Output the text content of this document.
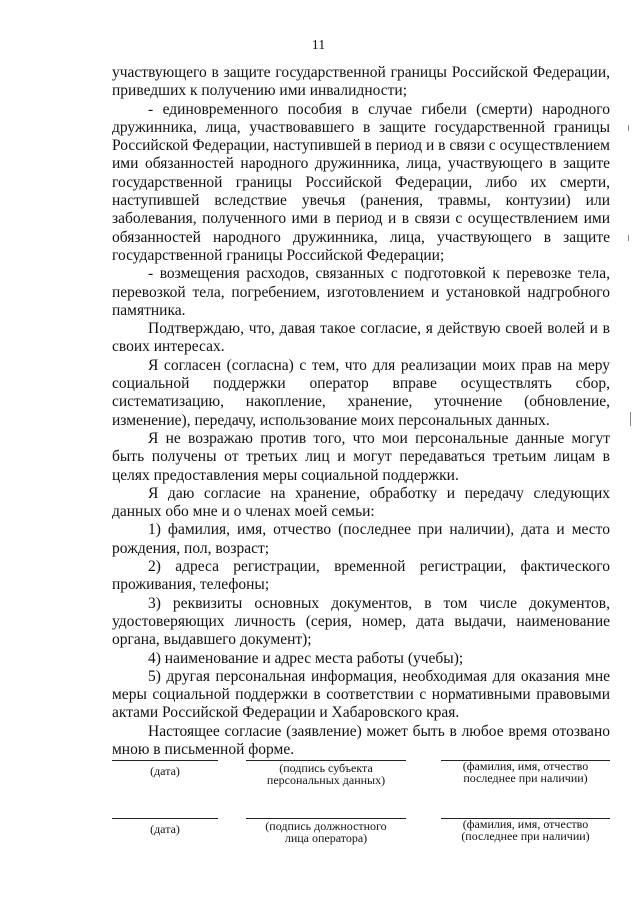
11

участвующего в защите государственной границы Российской Федерации, приведших к получению ими инвалидности;

- единовременного пособия в случае гибели (смерти) народного дружинника, лица, участвовавшего в защите государственной границы Российской Федерации, наступившей в период и в связи с осуществлением ими обязанностей народного дружинника, лица, участвующего в защите государственной границы Российской Федерации, либо их смерти, наступившей вследствие увечья (ранения, травмы, контузии) или заболевания, полученного ими в период и в связи с осуществлением ими обязанностей народного дружинника, лица, участвующего в защите государственной границы Российской Федерации;

- возмещения расходов, связанных с подготовкой к перевозке тела, перевозкой тела, погребением, изготовлением и установкой надгробного памятника.

Подтверждаю, что, давая такое согласие, я действую своей волей и в своих интересах.

Я согласен (согласна) с тем, что для реализации моих прав на меру социальной поддержки оператор вправе осуществлять сбор, систематизацию, накопление, хранение, уточнение (обновление, изменение), передачу, использование моих персональных данных.

Я не возражаю против того, что мои персональные данные могут быть получены от третьих лиц и могут передаваться третьим лицам в целях предоставления меры социальной поддержки.

Я даю согласие на хранение, обработку и передачу следующих данных обо мне и о членах моей семьи:

1) фамилия, имя, отчество (последнее при наличии), дата и место рождения, пол, возраст;

2) адреса регистрации, временной регистрации, фактического проживания, телефоны;

3) реквизиты основных документов, в том числе документов, удостоверяющих личность (серия, номер, дата выдачи, наименование органа, выдавшего документ);

4) наименование и адрес места работы (учебы);

5) другая персональная информация, необходимая для оказания мне меры социальной поддержки в соответствии с нормативными правовыми актами Российской Федерации и Хабаровского края.

Настоящее согласие (заявление) может быть в любое время отозвано мною в письменной форме.

(дата)	(подпись субъекта
персональных данных)
(фамилия, имя, отчество
последнее при наличии)
(дата)	(подпись должностного
лица оператора)
(фамилия, имя, отчество
(последнее при наличии)
